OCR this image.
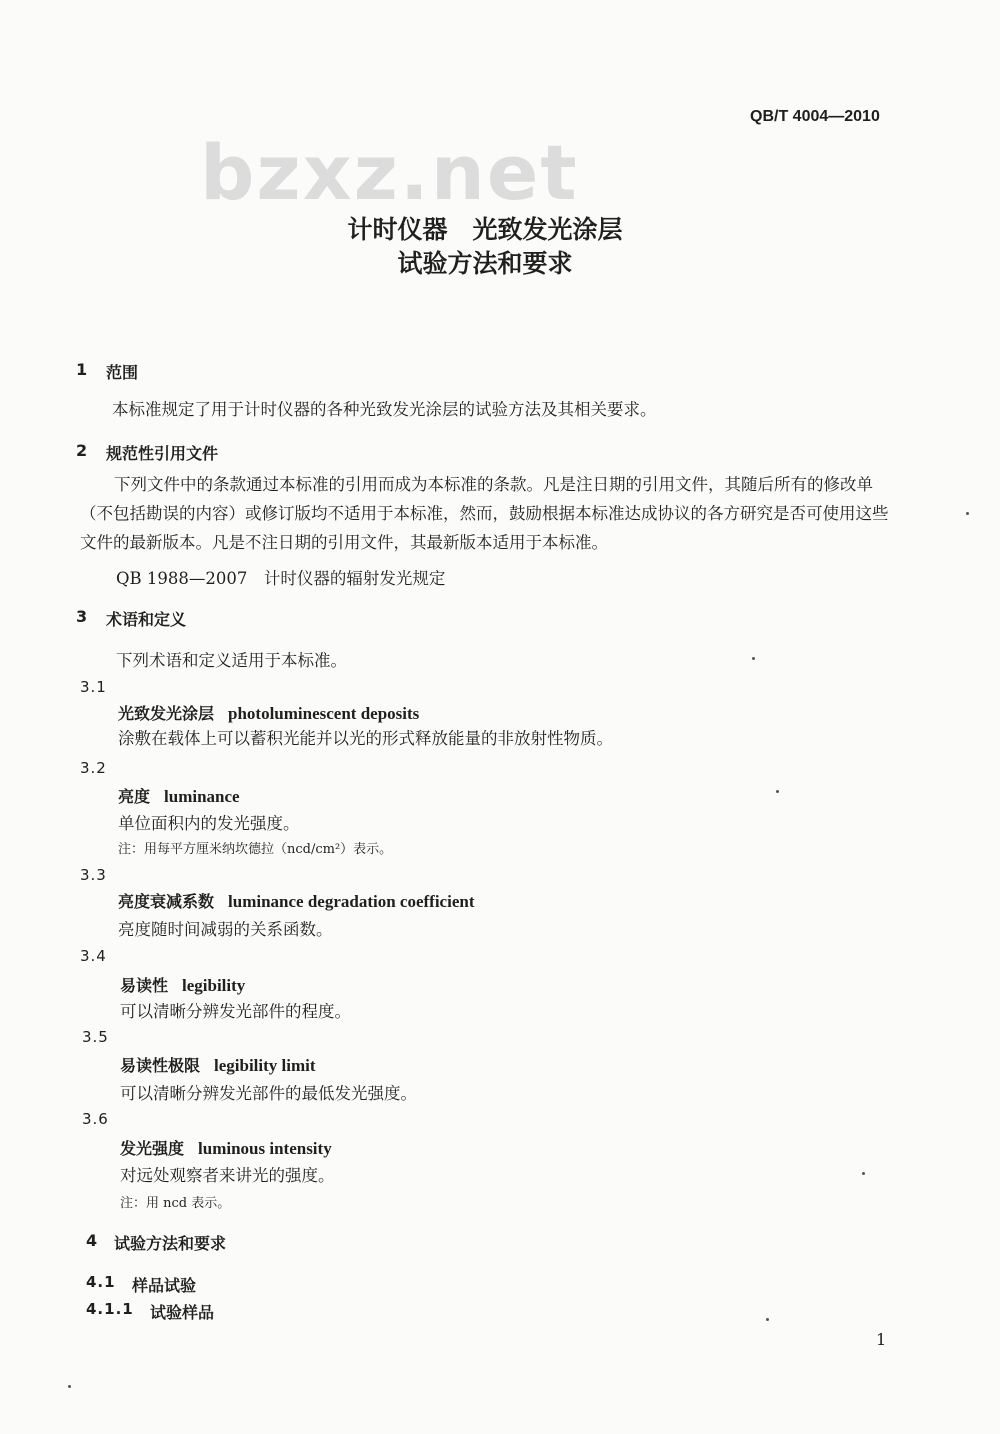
QB/T 4004—2010
bzxz.net
计时仪器　光致发光涂层
试验方法和要求
1 范围
本标准规定了用于计时仪器的各种光致发光涂层的试验方法及其相关要求。
2 规范性引用文件
下列文件中的条款通过本标准的引用而成为本标准的条款。凡是注日期的引用文件，其随后所有的修改单（不包括勘误的内容）或修订版均不适用于本标准，然而，鼓励根据本标准达成协议的各方研究是否可使用这些文件的最新版本。凡是不注日期的引用文件，其最新版本适用于本标准。
QB 1988—2007　计时仪器的辐射发光规定
3 术语和定义
下列术语和定义适用于本标准。
3.1
光致发光涂层 photoluminescent deposits
涂敷在载体上可以蓄积光能并以光的形式释放能量的非放射性物质。
3.2
亮度 luminance
单位面积内的发光强度。
注：用每平方厘米纳坎德拉（ncd/cm²）表示。
3.3
亮度衰减系数 luminance degradation coefficient
亮度随时间减弱的关系函数。
3.4
易读性 legibility
可以清晰分辨发光部件的程度。
3.5
易读性极限 legibility limit
可以清晰分辨发光部件的最低发光强度。
3.6
发光强度 luminous intensity
对远处观察者来讲光的强度。
注：用 ncd 表示。
4 试验方法和要求
4.1 样品试验
4.1.1 试验样品
1
